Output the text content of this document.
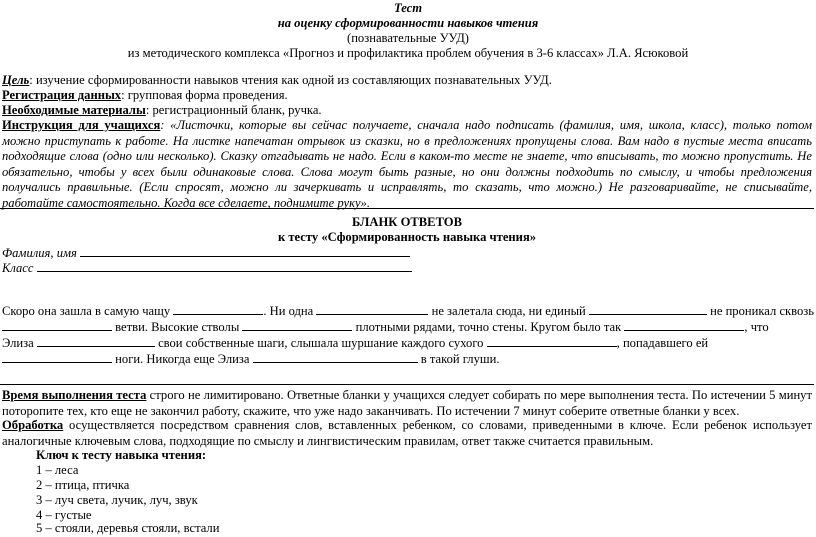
Тест
на оценку сформированности навыков чтения
(познавательные УУД)
из методического комплекса «Прогноз и профилактика проблем обучения в 3-6 классах» Л.А. Ясюковой
Цель: изучение сформированности навыков чтения как одной из составляющих познавательных УУД.
Регистрация данных: групповая форма проведения.
Необходимые материалы: регистрационный бланк, ручка.
Инструкция для учащихся: «Листочки, которые вы сейчас получаете, сначала надо подписать (фамилия, имя, школа, класс), только потом можно приступать к работе. На листке напечатан отрывок из сказки, но в предложениях пропущены слова. Вам надо в пустые места вписать подходящие слова (одно или несколько). Сказку отгадывать не надо. Если в каком-то месте не знаете, что вписывать, то можно пропустить. Не обязательно, чтобы у всех были одинаковые слова. Слова могут быть разные, но они должны подходить по смыслу, и чтобы предложения получались правильные. (Если спросят, можно ли зачеркивать и исправлять, то сказать, что можно.) Не разговаривайте, не списывайте, работайте самостоятельно. Когда все сделаете, поднимите руку».
БЛАНК ОТВЕТОВ
к тесту «Сформированность навыка чтения»
Фамилия, имя
Класс
Скоро она зашла в самую чащу	. Ни одна	не залетала сюда, ни единый	не проникал сквозь
ветви. Высокие стволы	плотными рядами, точно стены. Кругом было так	, что
Элиза	свои собственные шаги, слышала шуршание каждого сухого	, попадавшего ей
ноги. Никогда еще Элиза	в такой глуши.
Время выполнения теста строго не лимитировано. Ответные бланки у учащихся следует собирать по мере выполнения теста. По истечении 5 минут поторопите тех, кто еще не закончил работу, скажите, что уже надо заканчивать. По истечении 7 минут соберите ответные бланки у всех.
Обработка осуществляется посредством сравнения слов, вставленных ребенком, со словами, приведенными в ключе. Если ребенок использует аналогичные ключевым слова, подходящие по смыслу и лингвистическим правилам, ответ также считается правильным.
Ключ к тесту навыка чтения:
1 – леса
2 – птица, птичка
3 – луч света, лучик, луч, звук
4 – густые
5 – стояли, деревья стояли, встали
